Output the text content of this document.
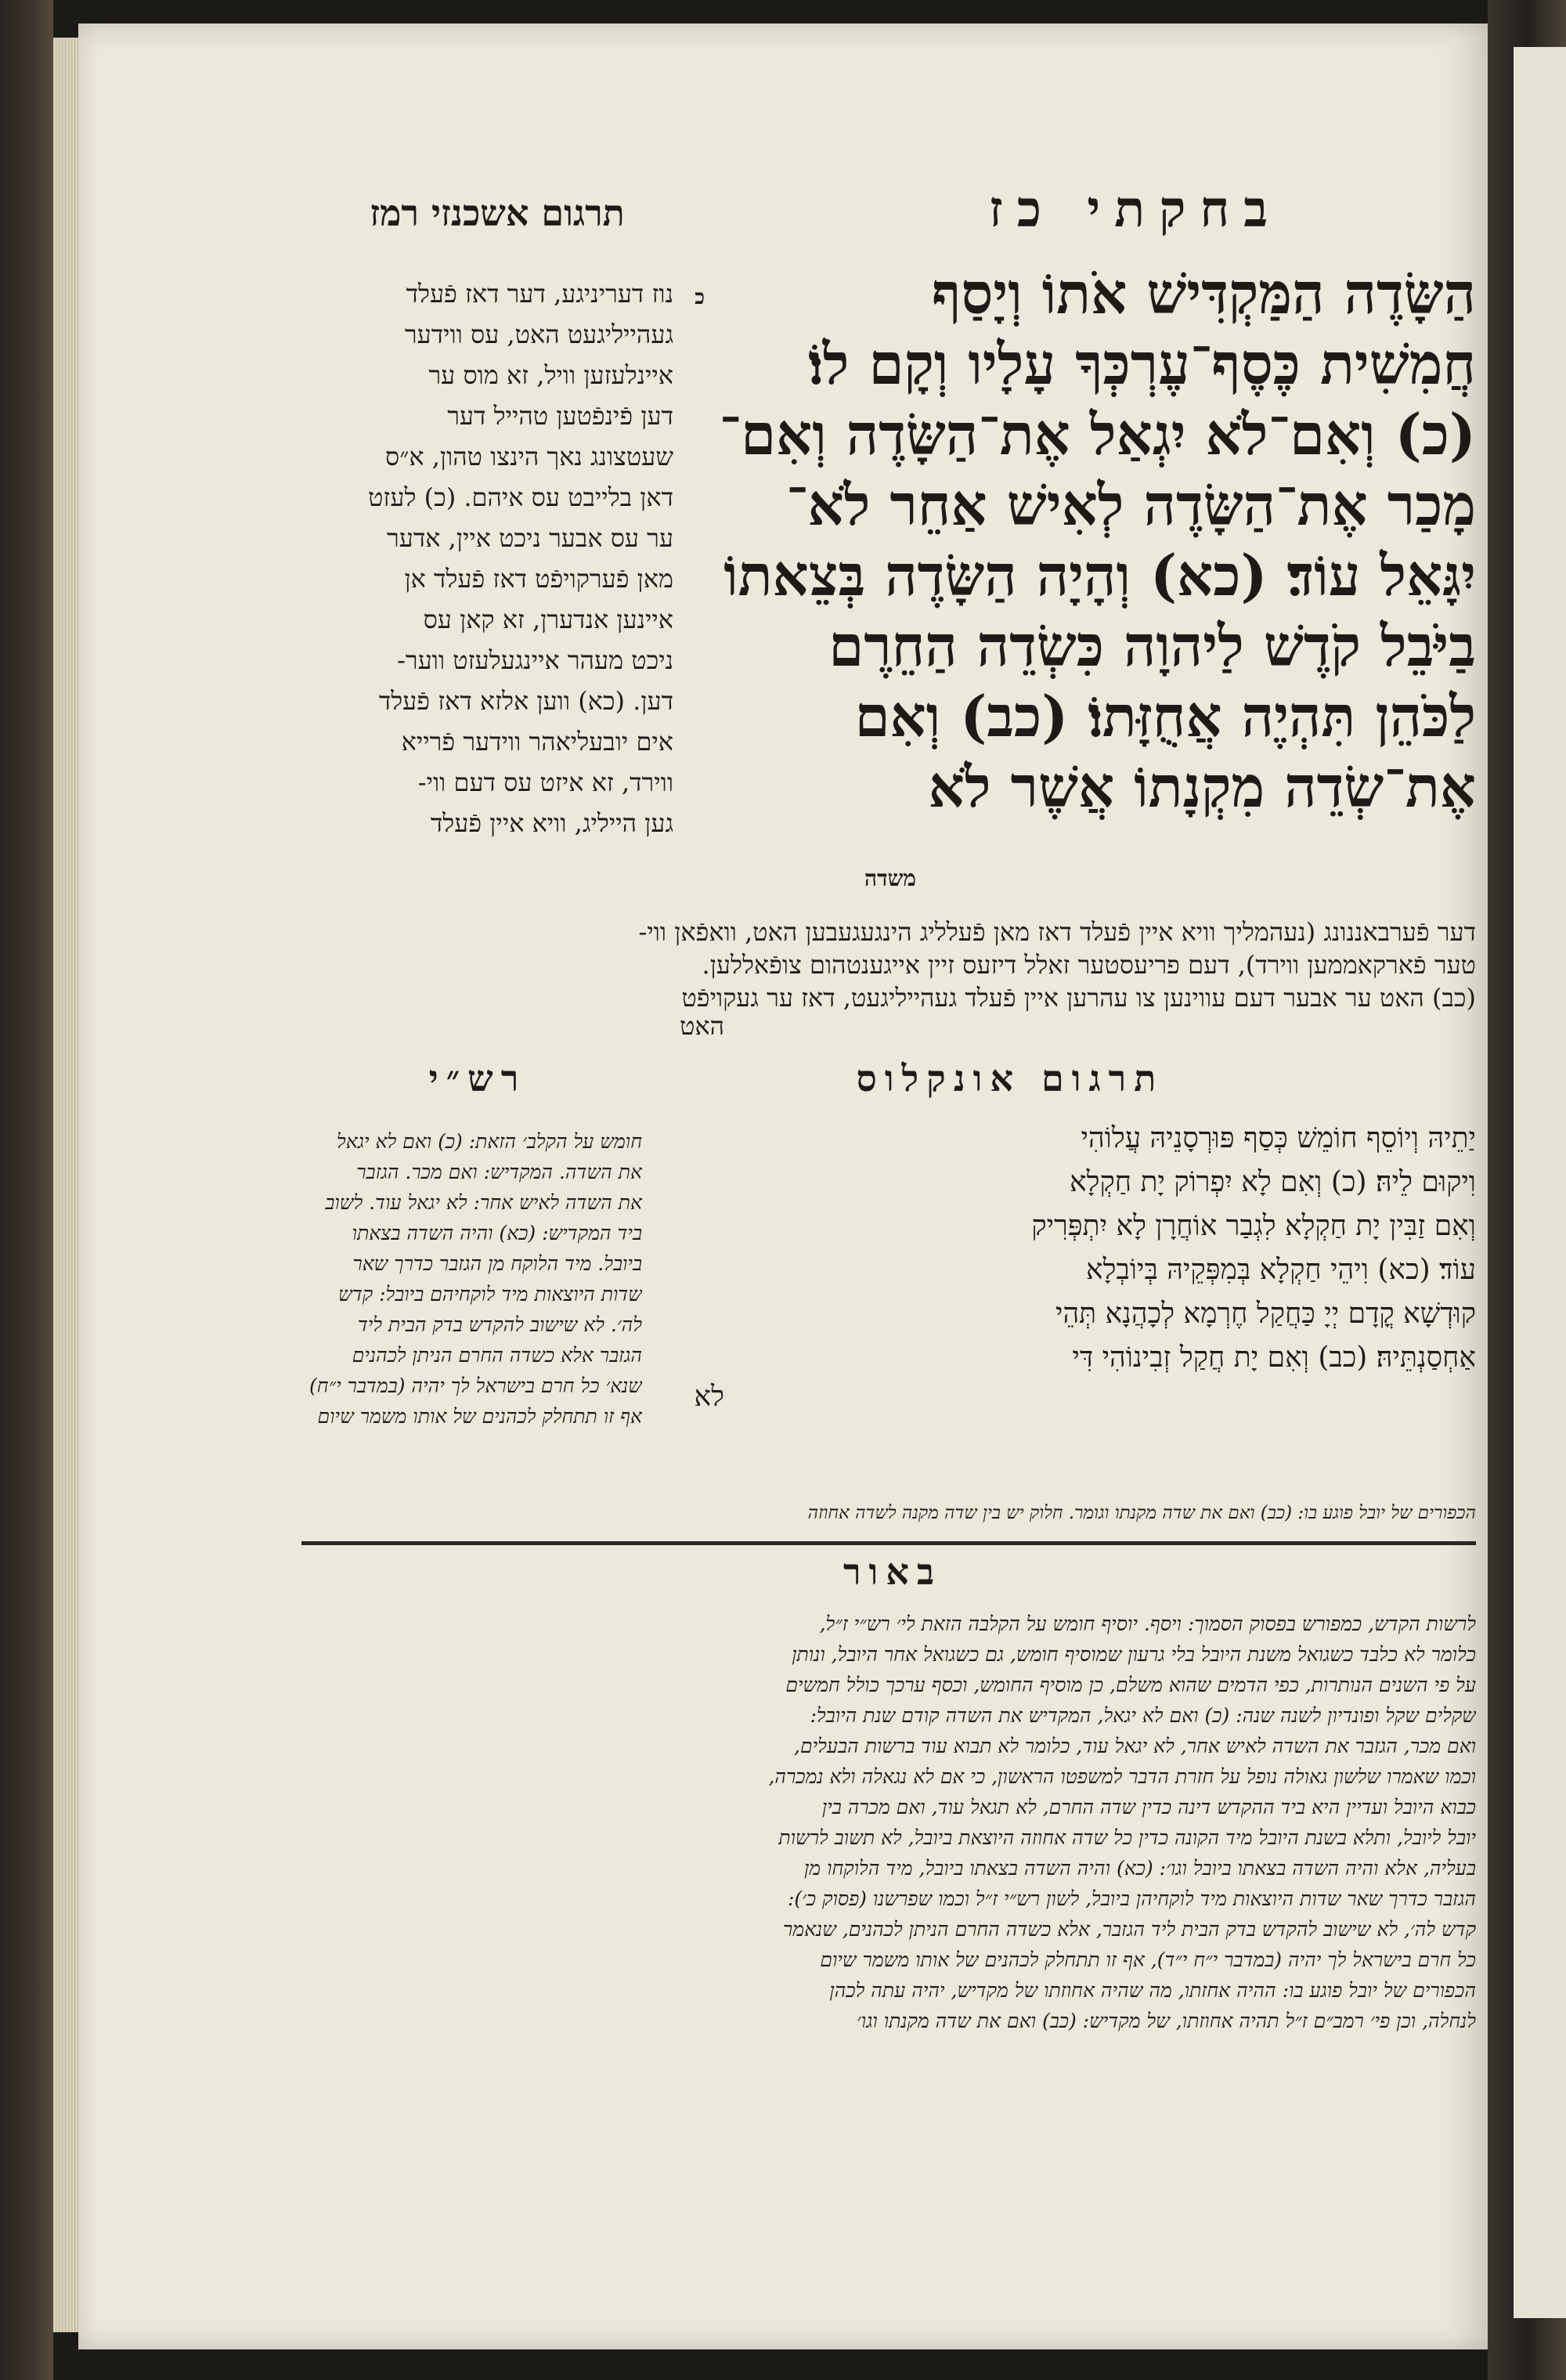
בחקתי כז
תרגום אשכנזי רמז
הַשָּׂדֶה הַמַּקְדִּישׁ אֹתוֹ וְיָסַף
חֲמִשִׁית כֶּסֶף־עֶרְכְּךָ עָלָיו וְקָם לוֹ׃
(כ) וְאִם־לֹא יִגְאַל אֶת־הַשָּׂדֶה וְאִם־
מָכַר אֶת־הַשָּׂדֶה לְאִישׁ אַחֵר לֹא־
יִגָּאֵל עוֹד׃ (כא) וְהָיָה הַשָּׂדֶה בְּצֵאתוֹ
בַיֹּבֵל קֹדֶשׁ לַיהוָה כִּשְׂדֵה הַחֵרֶם
לַכֹּהֵן תִּהְיֶה אֲחֻזָּתוֹ׃ (כב) וְאִם
אֶת־שְׂדֵה מִקְנָתוֹ אֲשֶׁר לֹא
משדה
כ
נוז דעריניגע, דער דאז פֿעלד
געהייליגעט האט, עס ווידער
איינלעזען וויל, זא מוס ער
דען פֿינפֿטען טהייל דער
שעטצונג נאך הינצו טהון, א״ס
דאן בלייבט עס איהם. (כ) לעזט
ער עס אבער ניכט איין, אדער
מאן פֿערקויפֿט דאז פֿעלד אן
איינען אנדערן, זא קאן עס
ניכט מעהר איינגעלעזט ווער-
דען. (כא) ווען אלזא דאז פֿעלד
אים יובעליאהר ווידער פֿרייא
ווירד, זא איזט עס דעם ווי-
גען הייליג, וויא איין פֿעלד
דער פֿערבאננונג (נעהמליך וויא איין פֿעלד דאז מאן פֿעלליג הינגעגעבען האט, וואפֿאן ווי-
טער פֿארקאממען ווירד), דעם פריעסטער זאלל דיזעס זיין אייגענטהום צופֿאללען.
(כב) האט ער אבער דעם עווינען צו עהרען איין פֿעלד געהייליגעט, דאז ער געקויפֿט
האט
תרגום אונקלוס
יַתֵיהּ וְיוֹסֵף חוֹמֵשׁ כְּסַף פּוּרְסָנֵיהּ עֲלוֹהִי
וִיקוּם לֵיהּ׃ (כ) וְאִם לָא יִפְרוֹק יָת חַקְלָא
וְאִם זַבִּין יָת חַקְלָא לִגְבַר אוֹחֲרָן לָא יִתְפְּרִיק
עוֹד׃ (כא) וִיהֵי חַקְלָא בְּמִפְּקֵיהּ בְּיוֹבְלָא
קוּדְשָׁא קֳדָם יְיָ כַּחֲקַל חֶרְמָא לְכָהֲנָא תְּהֵי
אַחְסַנְתֵּיהּ׃ (כב) וְאִם יָת חֲקַל זְבִינוֹהִי דִּי
לא
רש״י
חומש על הקלב׳ הזאת: (כ) ואם לא יגאל
את השדה. המקדיש: ואם מכר. הגזבר
את השדה לאיש אחר: לא יגאל עוד. לשוב
ביד המקדיש: (כא) והיה השדה בצאתו
ביובל. מיד הלוקח מן הגזבר כדרך שאר
שדות היוצאות מיד לוקחיהם ביובל: קדש
לה׳. לא שישוב להקדש בדק הבית ליד
הגזבר אלא כשדה החרם הניתן לכהנים
שנא׳ כל חרם בישראל לך יהיה (במדבר י״ח)
אף זו תתחלק לכהנים של אותו משמר שיום
הכפורים של יובל פוגע בו: (כב) ואם את שדה מקנתו וגומר. חלוק יש בין שדה מקנה לשדה אחוזה
באור
לרשות הקדש, כמפורש בפסוק הסמוך: ויסף. יוסיף חומש על הקלבה הזאת לי׳ רש״י ז״ל,
כלומר לא כלבד כשגואל משנת היובל בלי גרעון שמוסיף חומש, גם כשגואל אחר היובל, ונותן
על פי השנים הנותרות, כפי הדמים שהוא משלם, כן מוסיף החומש, וכסף ערכך כולל חמשים
שקלים שקל ופונדיון לשנה שנה: (כ) ואם לא יגאל, המקדיש את השדה קודם שנת היובל:
ואם מכר, הגזבר את השדה לאיש אחר, לא יגאל עוד, כלומר לא תבוא עוד ברשות הבעלים,
וכמו שאמרו שלשון גאולה נופל על חזרת הדבר למשפטו הראשון, כי אם לא נגאלה ולא נמכרה,
כבוא היובל ועדיין היא ביד ההקדש דינה כדין שדה החרם, לא תגאל עוד, ואם מכרה בין
יובל ליובל, ותלא בשנת היובל מיד הקונה כדין כל שדה אחוזה היוצאת ביובל, לא תשוב לרשות
בעליה, אלא והיה השדה בצאתו ביובל וגו׳: (כא) והיה השדה בצאתו ביובל, מיד הלוקחו מן
הגזבר כדרך שאר שדות היוצאות מיד לוקחיהן ביובל, לשון רש״י ז״ל וכמו שפרשנו (פסוק כ׳):
קדש לה׳, לא שישוב להקדש בדק הבית ליד הגזבר, אלא כשדה החרם הניתן לכהנים, שנאמר
כל חרם בישראל לך יהיה (במדבר י״ח י״ד), אף זו תתחלק לכהנים של אותו משמר שיום
הכפורים של יובל פוגע בו: ההיה אחזתו, מה שהיה אחוזתו של מקדיש, יהיה עתה לכהן
לנחלה, וכן פי׳ רמב״ם ז״ל תהיה אחוזתו, של מקדיש: (כב) ואם את שדה מקנתו וגו׳
